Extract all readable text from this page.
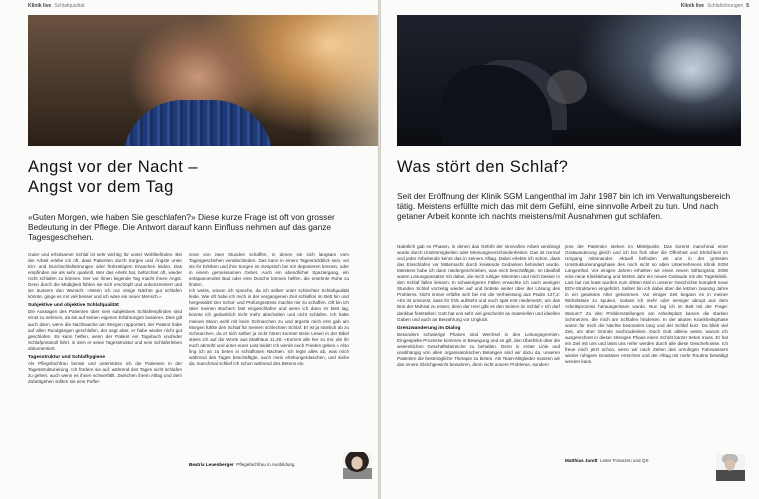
Klinik live Schlafqualität
Angst vor der Nacht –
Angst vor dem Tag

«Guten Morgen, wie haben Sie geschlafen?» Diese kurze Frage ist oft von grosser Bedeutung in der Pflege. Die Antwort darauf kann Einfluss nehmen auf das ganze Tagesgeschehen.

Guter und erholsamer Schlaf ist sehr wichtig für unser Wohlbefinden. Bei der Arbeit erlebe ich oft, dass Patienten durch Sorgen und Ängste unter Ein- und Durchschlafstörungen oder frühzeitigem Erwachen leiden. Das empfinden sie als sehr qualvoll. Wer das erlebt hat, befürchtet oft, wieder nicht schlafen zu können. Der vor ihnen liegende Tag macht ihnen Angst. Denn durch die Müdigkeit fühlen sie sich erschöpft und unkonzentriert und sie äussern den Wunsch: «Wenn ich nur einige Nächte gut schlafen könnte, ginge es mir viel besser und ich wäre ein neuer Mensch.»

Subjektive und objektive Schlafqualität

Die Aussagen des Patienten über sein subjektives Schlafempfinden sind ernst zu nehmen, da sie auf seinen eigenen Erfahrungen basieren. Dies gilt auch dann, wenn die Nachtwache am Morgen rapportiert, der Patient habe auf allen Rundgängen geschlafen, der sagt aber, er habe wieder nicht gut geschlafen. Es kann helfen, wenn der Patient ein Tagebuch und/oder Schlafprotokoll führt, in dem er seine Tagesstruktur und sein Schlaferleben dokumentiert.

Tagesstruktur und Schlafhygiene

Als Pflegefachfrau berate und unterstütze ich die Patienten in der Tagesstrukturierung. Ich fördere sie auf, während des Tages nicht schlafen zu gehen, auch wenn es ihnen schwerfällt. Zwischen ihrem Alltag und dem Zubettgehen sollten sie eine Puffer-

zone von zwei Stunden schaffen, in denen sie sich langsam vom Tagesgeschehen verabschieden. Das kann in einem Tagesrückblick sein, wo sie ihr Erleben und ihre Sorgen im Gespräch bei mir deponieren können, oder in einem gemeinsamen Gebet. Auch ein abendlicher Spaziergang, ein entspannendes Bad oder eine Dusche können helfen, die ersehnte Ruhe zu finden.

Ich weiss, wovon ich spreche, da ich selber unter schlechter Schlafqualität leide. Wie oft habe ich mich in der vergangenen Zeit schlaflos im Bett hin und hergewälzt! Der Schul- und Prüfungsstress machte mir zu schaffen. Oft bin ich über meinen Büchern fast eingeschlafen und wenn ich dann im Bett lag, konnte ich gedanklich nicht mehr abschalten und nicht schlafen. Ich hatte meinen Mann wohl mit beim Schnarchen zu und ärgerte mich erst gab am Morgen fühlte den Schlaf für meinen schlechten Schlaf. Er ist ja nämlich ab zu Schnarchen, da er sich selber ja nicht hören konnte! Beim Lesen in der Bibel stiess ich auf die Worte aus Matthäus 11,28: «Kommt alle her zu mir, die ihr euch abmüht und unter eurer Last leidet! Ich werde euch Frieden geben.» Also fing ich an zu beten in schlaflosen Nächten. Ich legte alles ab, was mich während des Tages beschäftigte, auch mein ehebungerdaschen, und siehe da, manchmal schlief ich schon während des Betens ein.

Beatrix Leuenberger Pflegefachfrau in Ausbildung
Klinik live Schlafstörungen 5
Was stört den Schlaf?

Seit der Eröffnung der Klinik SGM Langenthal im Jahr 1987 bin ich im Verwaltungsbereich tätig. Meistens erfüllte mich das mit dem Gefühl, eine sinnvolle Arbeit zu tun. Und nach getaner Arbeit konnte ich nachts meistens/mit Ausnahmen gut schlafen.

Natürlich gab es Phasen, in denen das Gefühl der sinnvollen Arbeit verdrängt wurde durch Unstimmigkeiten oder Meinungsverschiedenheiten. Das ist normal und jeder Arbeitende kennt das in seinem Alltag. Dabei erlebte ich schon, dass das Einschlafen vor Mitternacht durch kreisende Gedanken behindert wurde. Meistens habe ich dann niedergeschrieben, was mich beschäftigte. Im Idealfall waren Lösungsansätze mit dabei, die mich ruhiger stimmten und mich besser in den Schlaf fallen liessen. In schwierigeren Fällen erwachte ich nach wenigen Stunden Schlaf vorzeitig wieder auf und brütete weiter über der Lösung des Problems. Nicht immer erfüllte sich bei mir die Verheissung aus Psalm 127,2: «Es ist umsonst, dass ihr früh aufsteht und euch spät erst niedersetzt, um das Brot der Mühsal zu essen; denn der Herr gibt es den Seinen im Schlaf.» Ich darf dankbar feststellen: Gott hat uns sehr viel geschenkt an materiellen und ideellen Gaben und auch an Bewahrung vor Unglück.

Grenzwanderung im Dialog

Besonders schwierige Phasen sind Wechsel in den Leitungsgremien. Eingespielte Prozesse kommen in Bewegung und es gilt, den Überblick über die wesentlichen Geschäftsbereiche zu behalten. Denn in erster Linie und unabhängig von allen organisatorischen Belangen sind wir dazu da, unseren Patienten die bestmögliche Therapie zu bieten. Als Team-Mitglieder müssen wir das innere Gleichgewicht bewahren, denn nicht unsere Probleme, sondern

jene der Patienten stehen im Mittelpunkt. Das kommt manchmal einer Gratwanderung gleich und ich bin froh über die Offenheit und Ehrlichkeit im Umgang miteinander. Aktuell befinden wir uns in der grössten Umstrukturierungsphase des noch nicht so alten Unternehmens Klinik SGM Langenthal. Vor einigen Jahren erhielten wir einen neuen Stiftungsrat, 2006 eine neue Klinikleitung und letztes Jahr ein neues Gebäude mit der Tagesklinik. Last but not least wurden zum dritten Mal in unserer Geschichte komplett neue EDV-Strukturen eingeführt. Selber bin ich dabei über die letzten zwanzig Jahre in ein gewisses Alter gekommen. Vor einiger Zeit begann es in meiner Wirbelsäule zu spuken, sodass ich mehr oder weniger abrupt aus dem Arbeitsprozess herausgerissen wurde. Nun lag ich im Bett mit der Frage: Warum? Zu den Problemstellungen am Arbeitsplatz kamen die starken Schmerzen, die mich am Schlafen hinderten. In der akuten Krankheitsphase waren für mich die Nächte besonders lang und der Schlaf kurz. Da blieb viel Zeit, um über Gründe nachzudenken. Doch Gott alleine weiss, warum ich ausgerechnet in dieser strengen Phase einen Schritt kürzer treten muss. Er hat ein Ziel mit uns und lässt uns reifer werden durch alle diese Geschehnisse. Ich freue mich jetzt schon, wenn wir nach Zeiten des unruhigen Fahrwassers wieder ruhigere Gewässer erreichen und der Alltag mit mehr Routine bewältigt werden kann.

Matthias Jundt Leiter Finanzen und QS
